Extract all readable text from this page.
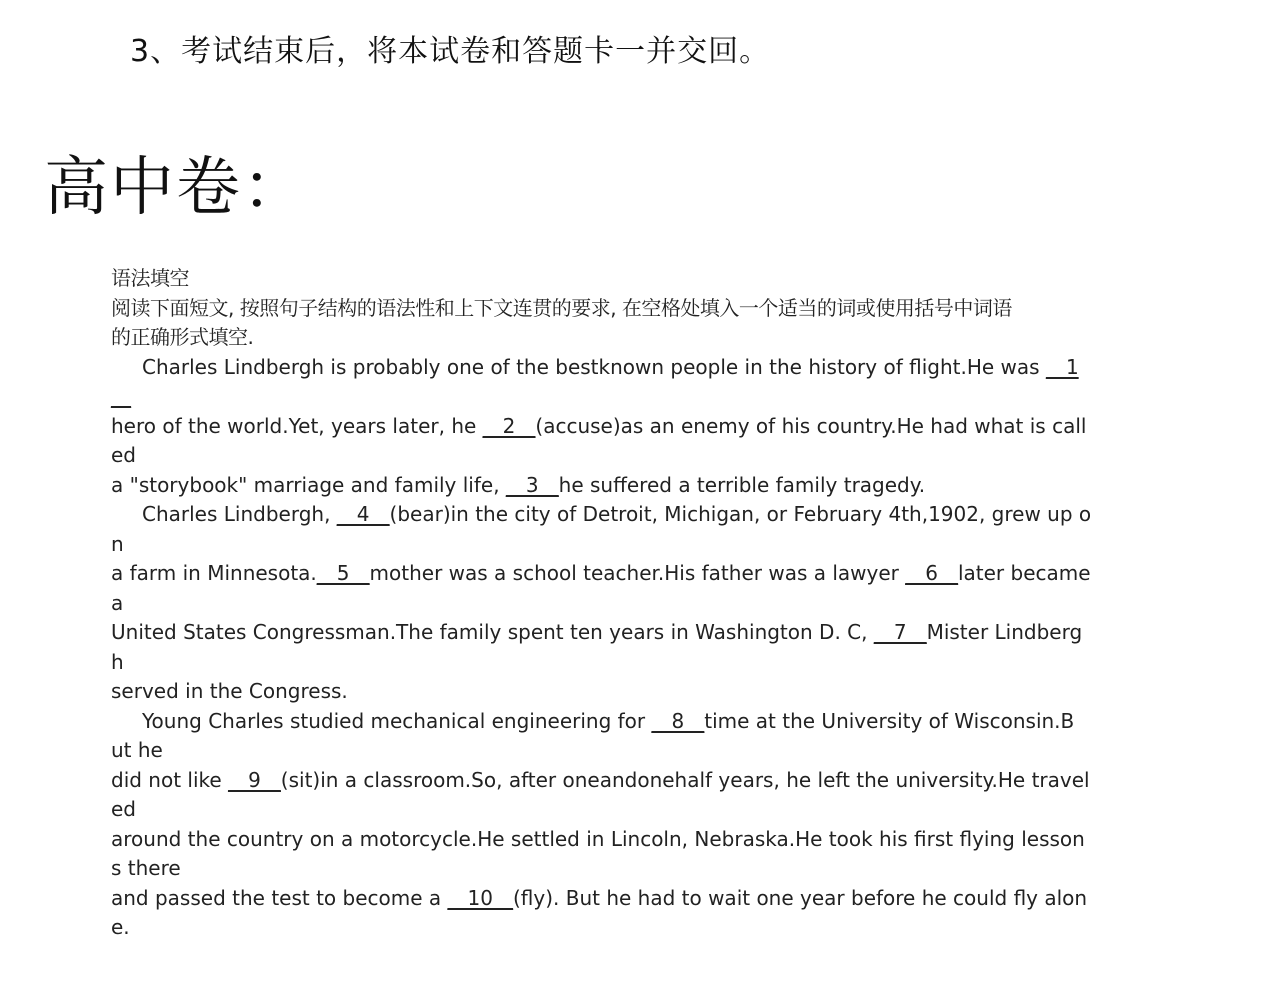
3、考试结束后，将本试卷和答题卡一并交回。
高中卷：
语法填空
阅读下面短文, 按照句子结构的语法性和上下文连贯的要求, 在空格处填入一个适当的词或使用括号中词语
的正确形式填空.
Charles Lindbergh is probably one of the bestknown people in the history of flight.He was __1
__
hero of the world.Yet, years later, he __2__(accuse)as an enemy of his country.He had what is call
ed
a "storybook" marriage and family life, __3__he suffered a terrible family tragedy.
Charles Lindbergh, __4__(bear)in the city of Detroit, Michigan, or February 4th,1902, grew up o
n
a farm in Minnesota.__5__mother was a school teacher.His father was a lawyer __6__later became
a
United States Congressman.The family spent ten years in Washington D. C, __7__Mister Lindberg
h
served in the Congress.
Young Charles studied mechanical engineering for __8__time at the University of Wisconsin.B
ut he
did not like __9__(sit)in a classroom.So, after oneandonehalf years, he left the university.He travel
ed
around the country on a motorcycle.He settled in Lincoln, Nebraska.He took his first flying lesson
s there
and passed the test to become a __10__(fly). But he had to wait one year before he could fly alon
e.
